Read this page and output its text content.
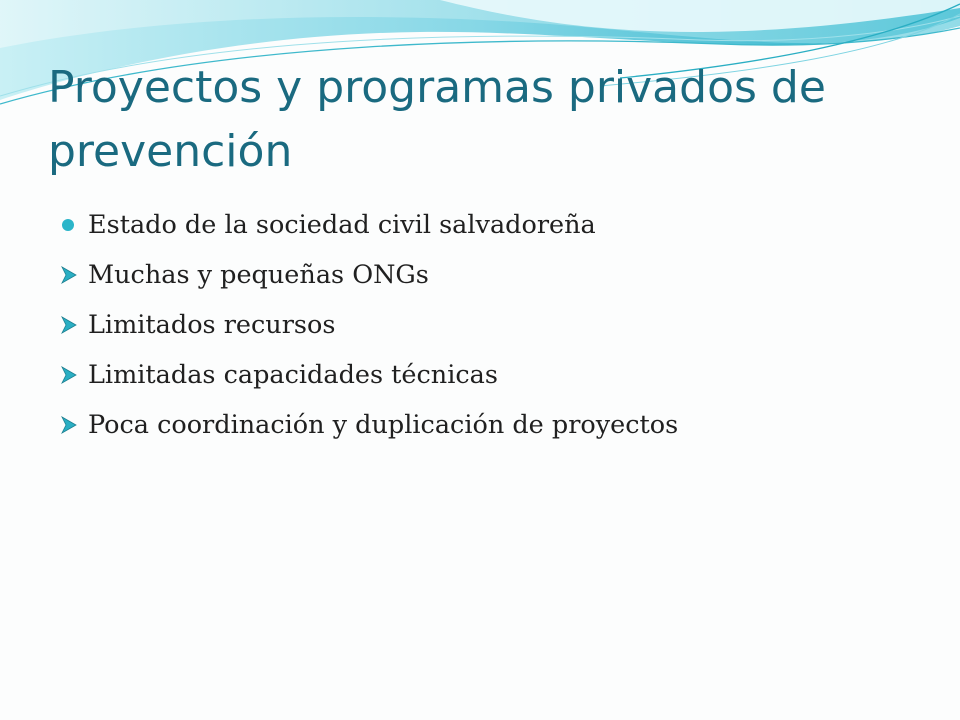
Proyectos y programas privados de prevención
Estado de la sociedad civil salvadoreña
Muchas y pequeñas ONGs
Limitados recursos
Limitadas capacidades técnicas
Poca coordinación y duplicación de proyectos
